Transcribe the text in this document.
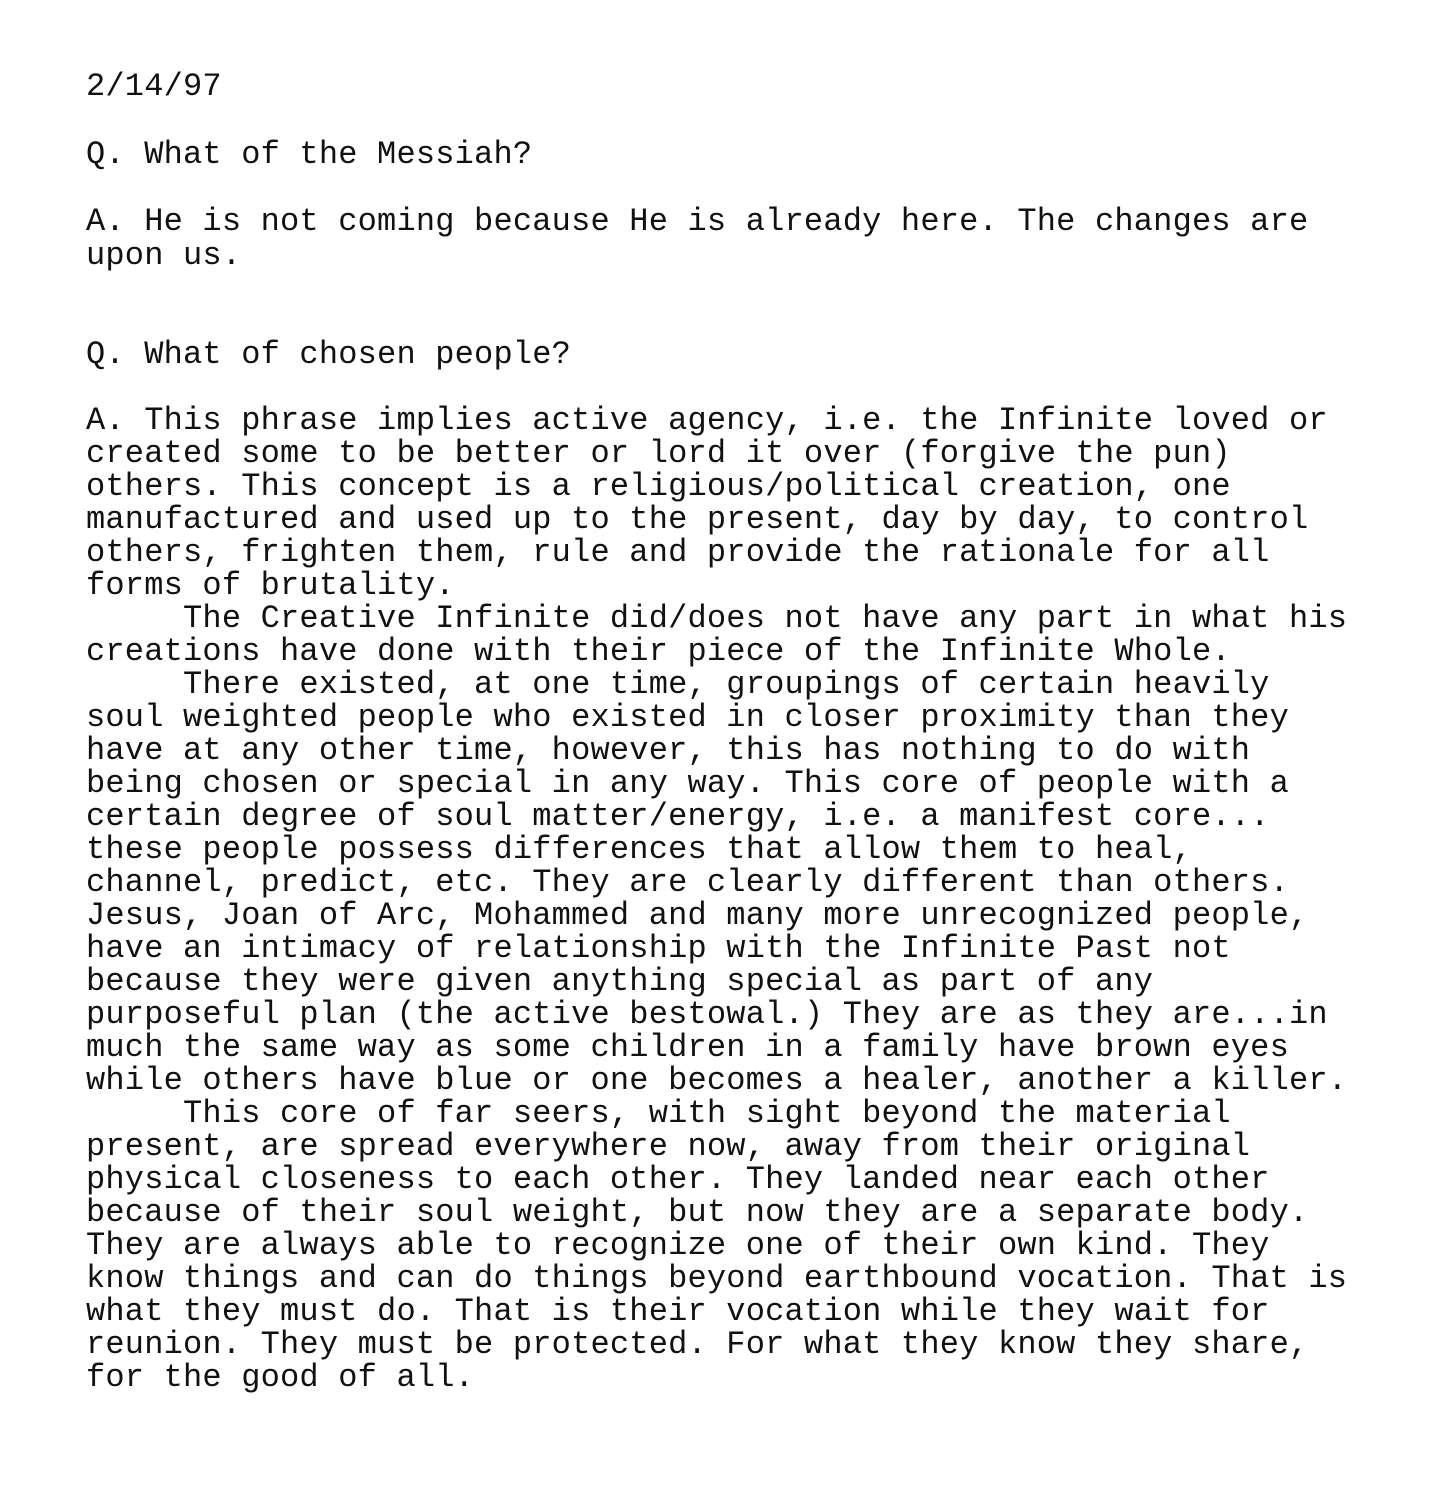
2/14/97

Q. What of the Messiah?

A. He is not coming because He is already here. The changes are

upon us.

Q. What of chosen people?

A. This phrase implies active agency, i.e. the Infinite loved or

created some to be better or lord it over (forgive the pun)

others. This concept is a religious/political creation, one

manufactured and used up to the present, day by day, to control

others, frighten them, rule and provide the rationale for all

forms of brutality.

The Creative Infinite did/does not have any part in what his

creations have done with their piece of the Infinite Whole.

There existed, at one time, groupings of certain heavily

soul weighted people who existed in closer proximity than they

have at any other time, however, this has nothing to do with

being chosen or special in any way. This core of people with a

certain degree of soul matter/energy, i.e. a manifest core...

these people possess differences that allow them to heal,

channel, predict, etc. They are clearly different than others.

Jesus, Joan of Arc, Mohammed and many more unrecognized people,

have an intimacy of relationship with the Infinite Past not

because they were given anything special as part of any

purposeful plan (the active bestowal.) They are as they are...in

much the same way as some children in a family have brown eyes

while others have blue or one becomes a healer, another a killer.

This core of far seers, with sight beyond the material

present, are spread everywhere now, away from their original

physical closeness to each other. They landed near each other

because of their soul weight, but now they are a separate body.

They are always able to recognize one of their own kind. They

know things and can do things beyond earthbound vocation. That is

what they must do. That is their vocation while they wait for

reunion. They must be protected. For what they know they share,

for the good of all.
